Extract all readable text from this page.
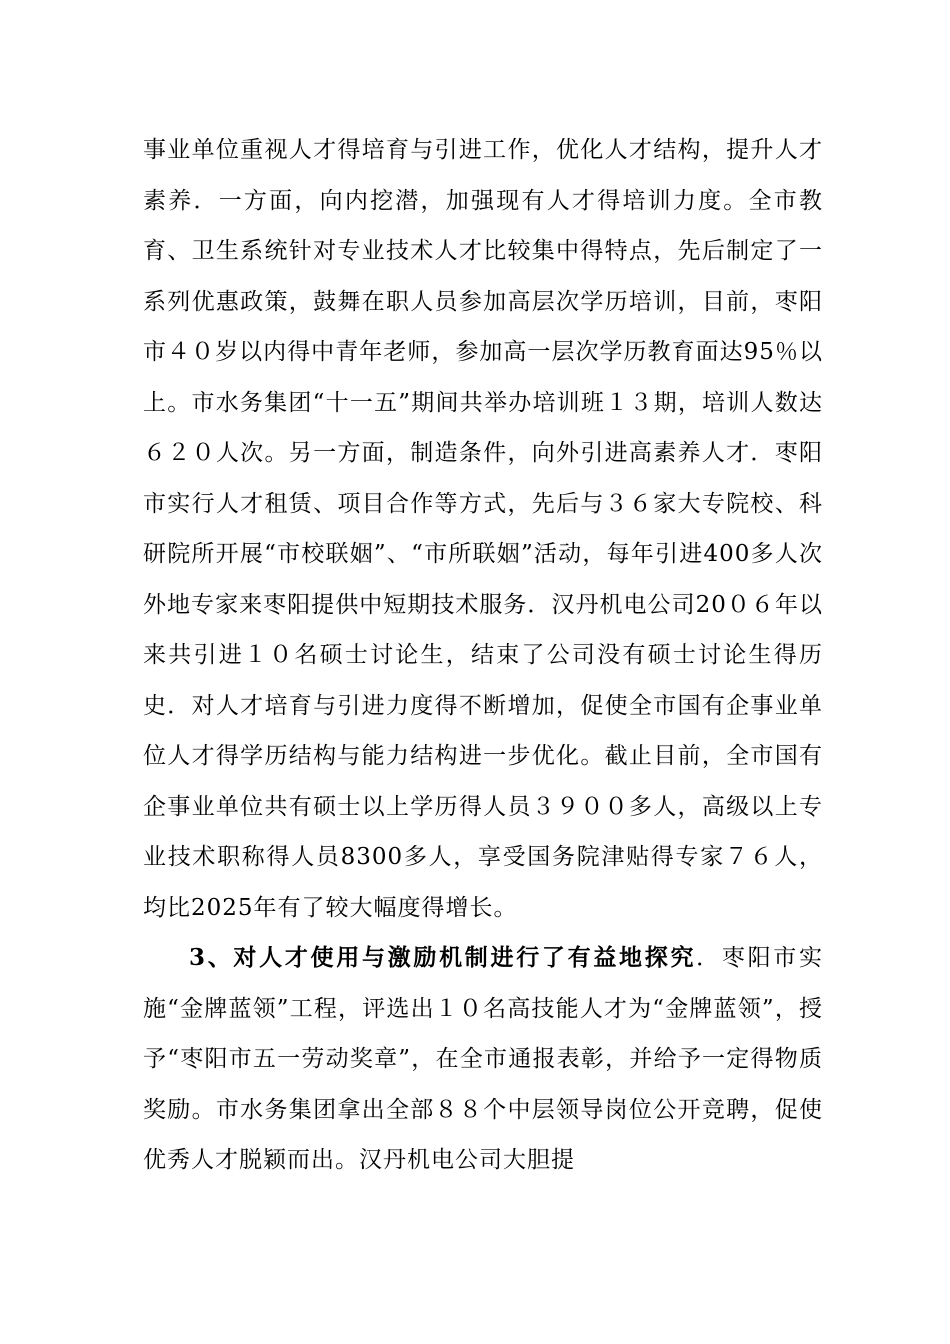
事业单位重视人才得培育与引进工作，优化人才结构，提升人才素养．一方面，向内挖潜，加强现有人才得培训力度。全市教育、卫生系统针对专业技术人才比较集中得特点，先后制定了一系列优惠政策，鼓舞在职人员参加高层次学历培训，目前，枣阳市４０岁以内得中青年老师，参加高一层次学历教育面达95％以上。市水务集团“十一五”期间共举办培训班１３期，培训人数达６２０人次。另一方面，制造条件，向外引进高素养人才．枣阳市实行人才租赁、项目合作等方式，先后与３６家大专院校、科研院所开展“市校联姻”、“市所联姻”活动，每年引进400多人次外地专家来枣阳提供中短期技术服务．汉丹机电公司20０６年以来共引进１０名硕士讨论生，结束了公司没有硕士讨论生得历史．对人才培育与引进力度得不断增加，促使全市国有企事业单位人才得学历结构与能力结构进一步优化。截止目前，全市国有企事业单位共有硕士以上学历得人员３９００多人，高级以上专业技术职称得人员8300多人，享受国务院津贴得专家７６人，均比2025年有了较大幅度得增长。

3、对人才使用与激励机制进行了有益地探究．枣阳市实施“金牌蓝领”工程，评选出１０名高技能人才为“金牌蓝领”，授予“枣阳市五一劳动奖章”，在全市通报表彰，并给予一定得物质奖励。市水务集团拿出全部８８个中层领导岗位公开竞聘，促使优秀人才脱颖而出。汉丹机电公司大胆提
